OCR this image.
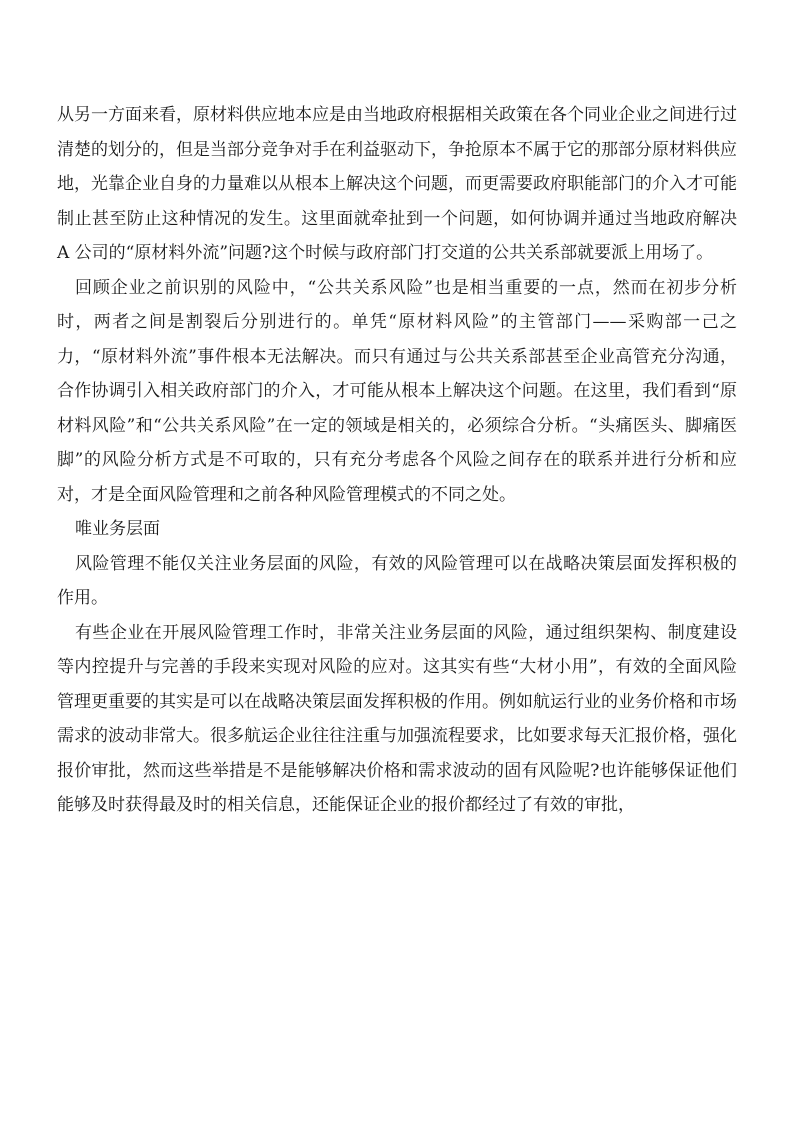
从另一方面来看，原材料供应地本应是由当地政府根据相关政策在各个同业企业之间进行过清楚的划分的，但是当部分竞争对手在利益驱动下，争抢原本不属于它的那部分原材料供应地，光靠企业自身的力量难以从根本上解决这个问题，而更需要政府职能部门的介入才可能制止甚至防止这种情况的发生。这里面就牵扯到一个问题，如何协调并通过当地政府解决 A 公司的“原材料外流”问题?这个时候与政府部门打交道的公共关系部就要派上用场了。

回顾企业之前识别的风险中，“公共关系风险”也是相当重要的一点，然而在初步分析时，两者之间是割裂后分别进行的。单凭“原材料风险”的主管部门——采购部一己之力，“原材料外流”事件根本无法解决。而只有通过与公共关系部甚至企业高管充分沟通，合作协调引入相关政府部门的介入，才可能从根本上解决这个问题。在这里，我们看到“原材料风险”和“公共关系风险”在一定的领域是相关的，必须综合分析。“头痛医头、脚痛医脚”的风险分析方式是不可取的，只有充分考虑各个风险之间存在的联系并进行分析和应对，才是全面风险管理和之前各种风险管理模式的不同之处。

唯业务层面

风险管理不能仅关注业务层面的风险，有效的风险管理可以在战略决策层面发挥积极的作用。

有些企业在开展风险管理工作时，非常关注业务层面的风险，通过组织架构、制度建设等内控提升与完善的手段来实现对风险的应对。这其实有些“大材小用”，有效的全面风险管理更重要的其实是可以在战略决策层面发挥积极的作用。例如航运行业的业务价格和市场需求的波动非常大。很多航运企业往往注重与加强流程要求，比如要求每天汇报价格，强化报价审批，然而这些举措是不是能够解决价格和需求波动的固有风险呢?也许能够保证他们能够及时获得最及时的相关信息，还能保证企业的报价都经过了有效的审批，
